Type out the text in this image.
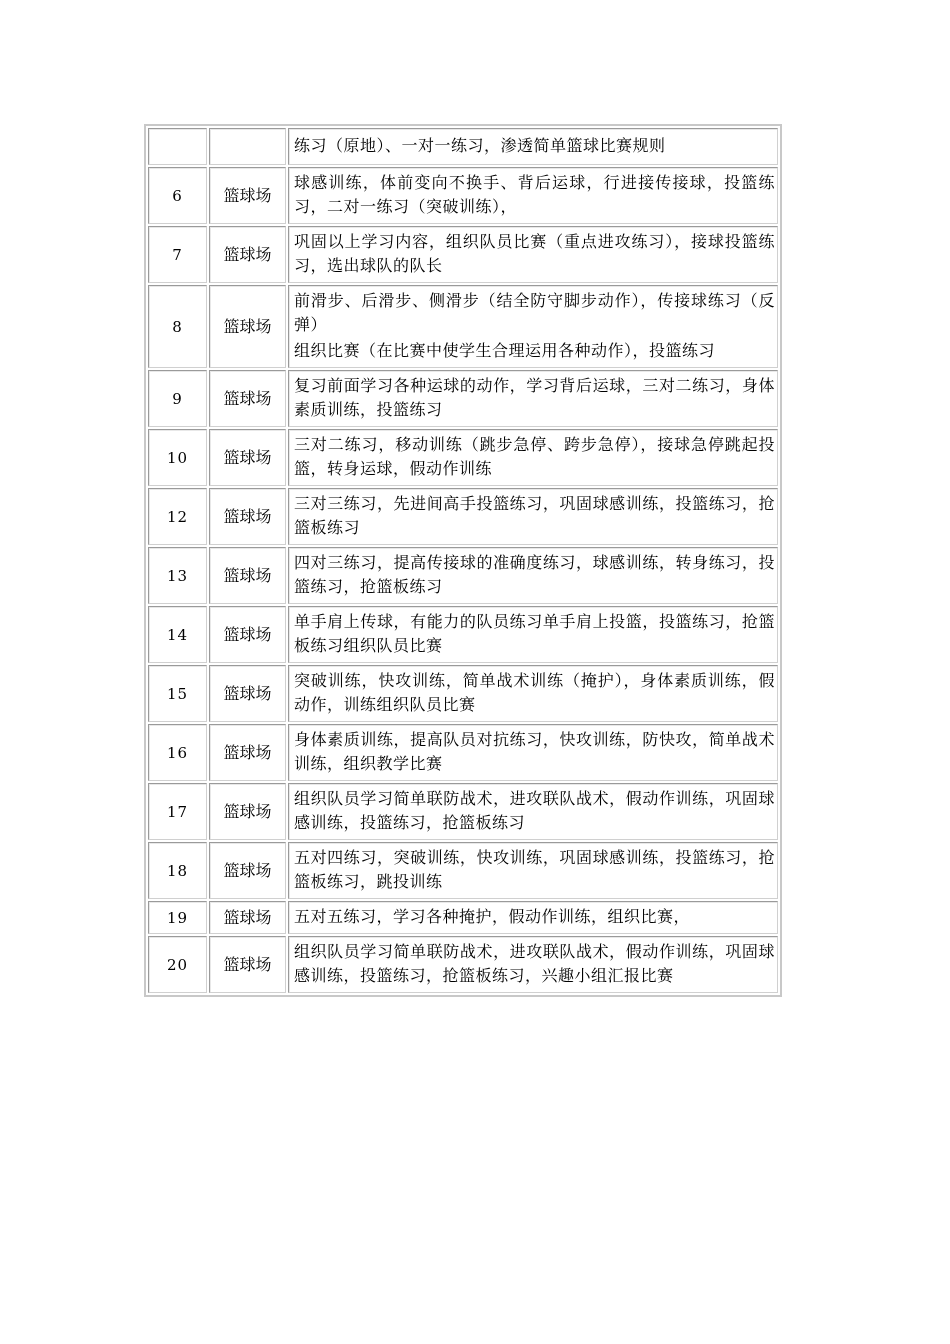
		练习（原地）、一对一练习，渗透简单篮球比赛规则

6	篮球场	球感训练，体前变向不换手、背后运球，行进接传接球，投篮练习，二对一练习（突破训练），

7	篮球场	巩固以上学习内容，组织队员比赛（重点进攻练习），接球投篮练习，选出球队的队长

8	篮球场	前滑步、后滑步、侧滑步（结全防守脚步动作），传接球练习（反弹）
组织比赛（在比赛中使学生合理运用各种动作），投篮练习

9	篮球场	复习前面学习各种运球的动作，学习背后运球，三对二练习，身体素质训练，投篮练习

10	篮球场	三对二练习，移动训练（跳步急停、跨步急停），接球急停跳起投篮，转身运球，假动作训练

12	篮球场	三对三练习，先进间高手投篮练习，巩固球感训练，投篮练习，抢篮板练习

13	篮球场	四对三练习，提高传接球的准确度练习，球感训练，转身练习，投篮练习，抢篮板练习

14	篮球场	单手肩上传球，有能力的队员练习单手肩上投篮，投篮练习，抢篮板练习组织队员比赛

15	篮球场	突破训练，快攻训练，简单战术训练（掩护），身体素质训练，假动作，训练组织队员比赛

16	篮球场	身体素质训练，提高队员对抗练习，快攻训练，防快攻，简单战术训练，组织教学比赛

17	篮球场	组织队员学习简单联防战术，进攻联队战术，假动作训练，巩固球感训练，投篮练习，抢篮板练习

18	篮球场	五对四练习，突破训练，快攻训练，巩固球感训练，投篮练习，抢篮板练习，跳投训练

19	篮球场	五对五练习，学习各种掩护，假动作训练，组织比赛，

20	篮球场	组织队员学习简单联防战术，进攻联队战术，假动作训练，巩固球感训练，投篮练习，抢篮板练习，兴趣小组汇报比赛
